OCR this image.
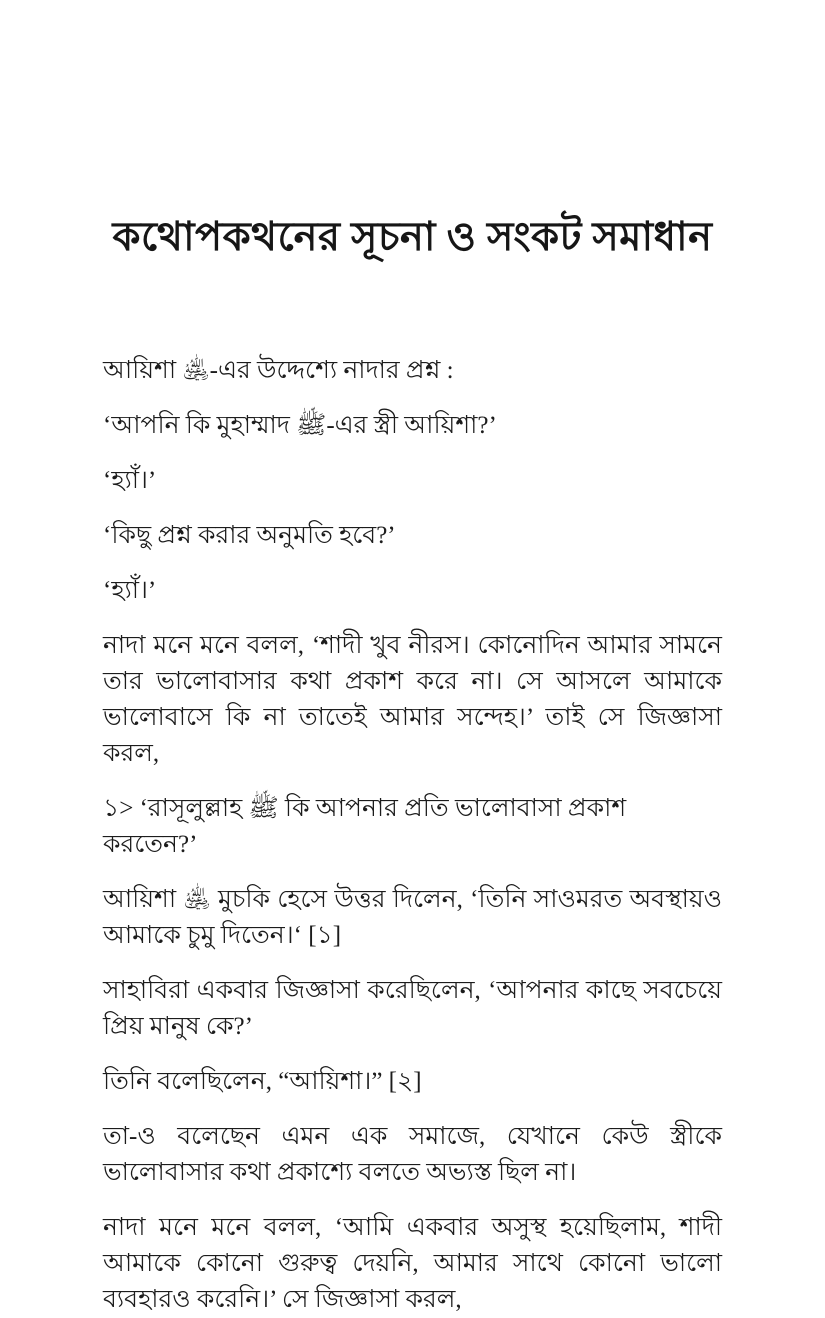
কথোপকথনের সূচনা ও সংকট সমাধান

আয়িশা ﵁-এর উদ্দেশ্যে নাদার প্রশ্ন :

‘আপনি কি মুহাম্মাদ ﷺ-এর স্ত্রী আয়িশা?’

‘হ্যাঁ।’

‘কিছু প্রশ্ন করার অনুমতি হবে?’

‘হ্যাঁ।’

নাদা মনে মনে বলল, ‘শাদী খুব নীরস। কোনোদিন আমার সামনে তার ভালোবাসার কথা প্রকাশ করে না। সে আসলে আমাকে ভালোবাসে কি না তাতেই আমার সন্দেহ।’ তাই সে জিজ্ঞাসা করল,

১> ‘রাসূলুল্লাহ ﷺ কি আপনার প্রতি ভালোবাসা প্রকাশ করতেন?’

আয়িশা ﵁ মুচকি হেসে উত্তর দিলেন, ‘তিনি সাওমরত অবস্থায়ও আমাকে চুমু দিতেন।‘ [১]

সাহাবিরা একবার জিজ্ঞাসা করেছিলেন, ‘আপনার কাছে সবচেয়ে প্রিয় মানুষ কে?’

তিনি বলেছিলেন, “আয়িশা।” [২]

তা-ও বলেছেন এমন এক সমাজে, যেখানে কেউ স্ত্রীকে ভালোবাসার কথা প্রকাশ্যে বলতে অভ্যস্ত ছিল না।

নাদা মনে মনে বলল, ‘আমি একবার অসুস্থ হয়েছিলাম, শাদী আমাকে কোনো গুরুত্ব দেয়নি, আমার সাথে কোনো ভালো ব্যবহারও করেনি।’ সে জিজ্ঞাসা করল,
